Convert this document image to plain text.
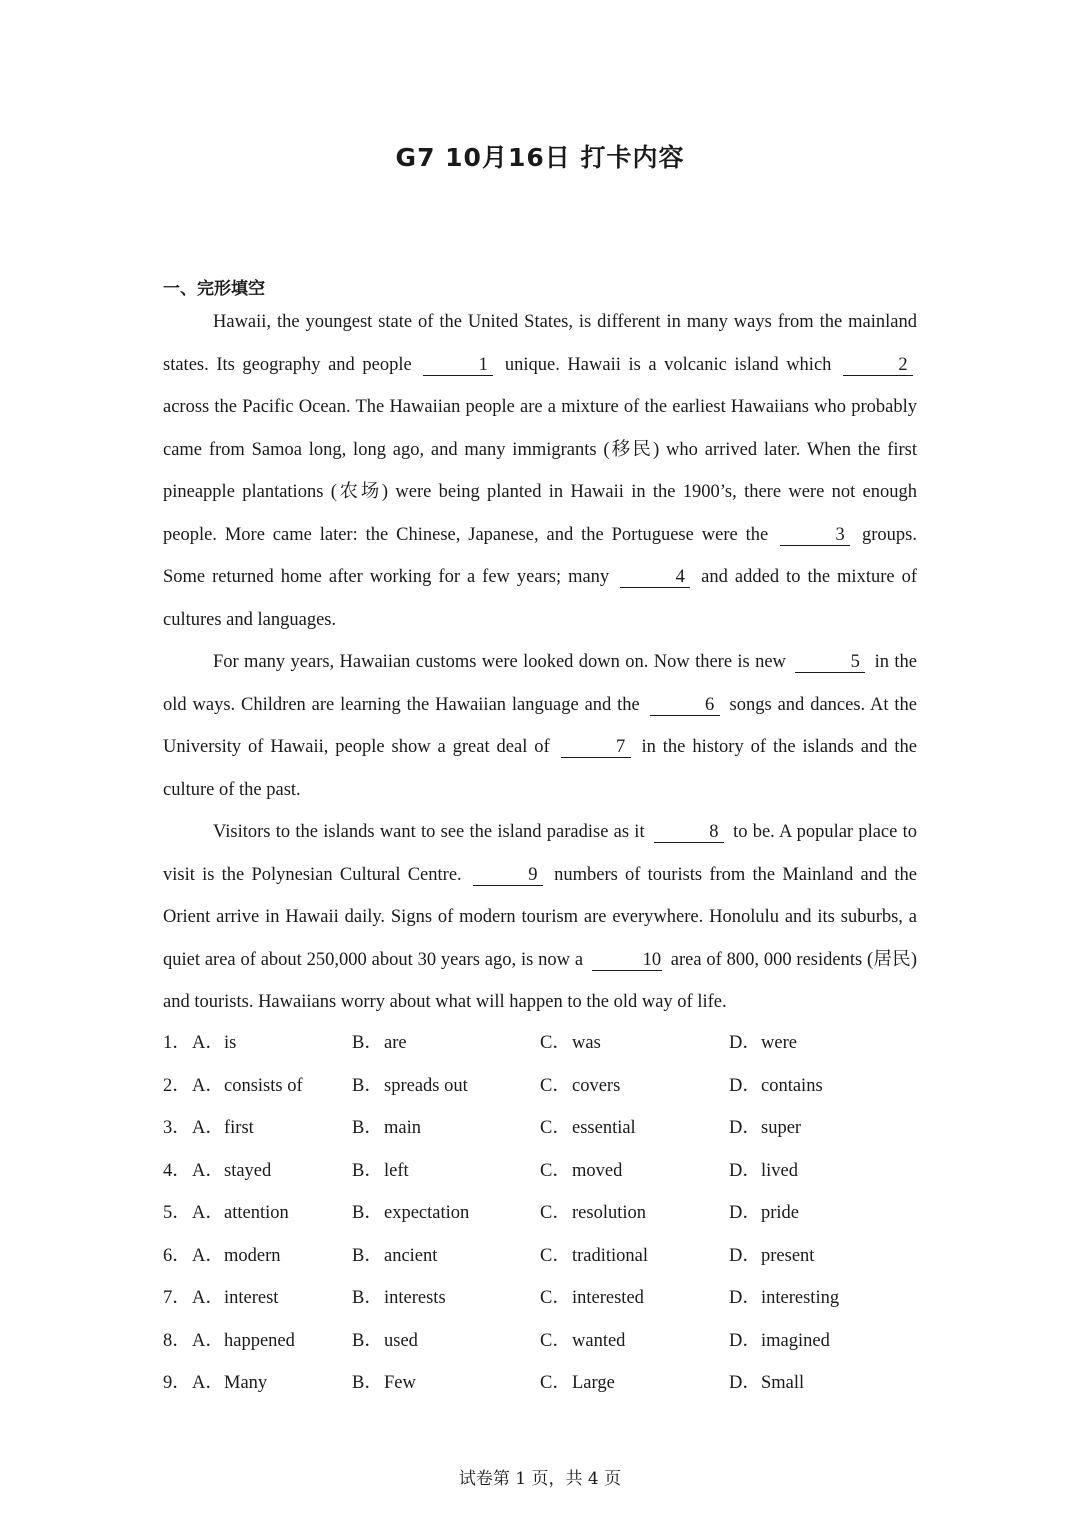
G7 10月16日 打卡内容
一、完形填空

Hawaii, the youngest state of the United States, is different in many ways from the mainland states. Its geography and people	1 unique. Hawaii is a volcanic island which	2 across the Pacific Ocean. The Hawaiian people are a mixture of the earliest Hawaiians who probably came from Samoa long, long ago, and many immigrants (移民) who arrived later. When the first pineapple plantations (农场) were being planted in Hawaii in the 1900’s, there were not enough people. More came later: the Chinese, Japanese, and the Portuguese were the	3 groups. Some returned home after working for a few years; many	4 and added to the mixture of cultures and languages.

For many years, Hawaiian customs were looked down on. Now there is new	5 in the old ways. Children are learning the Hawaiian language and the	6 songs and dances. At the University of Hawaii, people show a great deal of	7 in the history of the islands and the culture of the past.

Visitors to the islands want to see the island paradise as it	8 to be. A popular place to visit is the Polynesian Cultural Centre.	9 numbers of tourists from the Mainland and the Orient arrive in Hawaii daily. Signs of modern tourism are everywhere. Honolulu and its suburbs, a quiet area of about 250,000 about 30 years ago, is now a	10 area of 800, 000 residents (居民) and tourists. Hawaiians worry about what will happen to the old way of life.

1．A．is	B．are	C．was	D．were
2．A．consists of	B．spreads out	C．covers	D．contains
3．A．first	B．main	C．essential	D．super
4．A．stayed	B．left	C．moved	D．lived
5．A．attention	B．expectation	C．resolution	D．pride
6．A．modern	B．ancient	C．traditional	D．present
7．A．interest	B．interests	C．interested	D．interesting
8．A．happened	B．used	C．wanted	D．imagined
9．A．Many	B．Few	C．Large	D．Small
试卷第 1 页，共 4 页
